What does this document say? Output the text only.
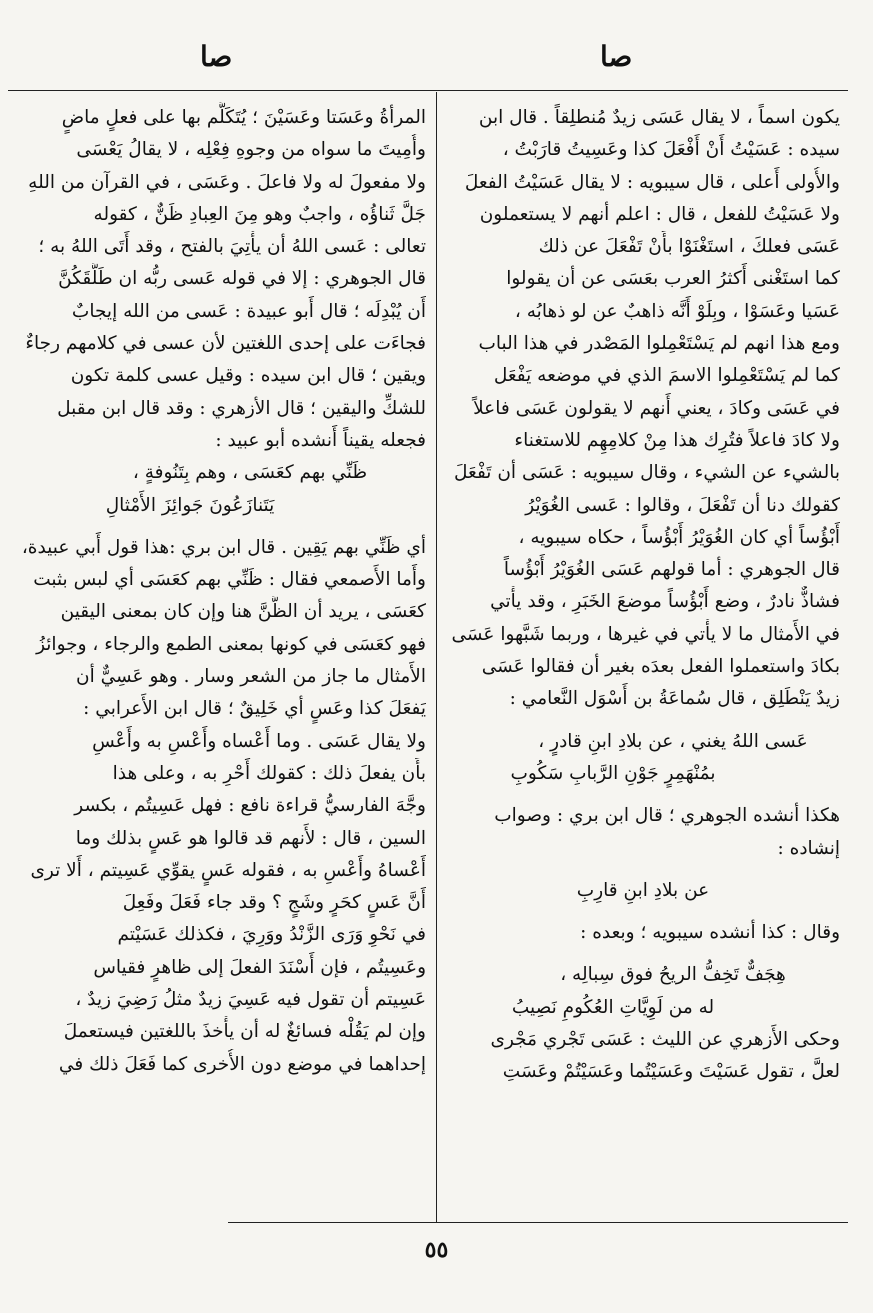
صا
صا
يكون اسماً ، لا يقال عَسَى زيدٌ مُنطلِقاً . قال ابن
سيده : عَسَيْتُ أَنْ أَفْعَلَ كذا وعَسِيتُ قارَبْتُ ،
والأُولى أَعلى ، قال سيبويه : لا يقال عَسَيْتُ الفعلَ
ولا عَسَيْتُ للفعل ، قال : اعلم أنهم لا يستعملون
عَسَى فعلكَ ، استَغْنَوْا بأَنْ تَفْعَلَ عن ذلك
كما استَغْنى أَكثرُ العرب بعَسَى عن أن يقولوا
عَسَيا وعَسَوْا ، وبِلَوْ أَنَّه ذاهبٌ عن لو ذهابُه ،
ومع هذا انهم لم يَسْتَعْمِلوا المَصْدر في هذا الباب
كما لم يَسْتَعْمِلوا الاسمَ الذي في موضعه يَفْعَل
في عَسَى وكادَ ، يعني أَنهم لا يقولون عَسَى فاعلاً
ولا كادَ فاعلاً فتُرِك هذا مِنْ كلامِهِم للاستغناء
بالشيء عن الشيء ، وقال سيبويه : عَسَى أن تَفْعَلَ
كقولك دنا أن تَفْعَلَ ، وقالوا : عَسى الغُوَيْرُ
أَبْؤُساً أي كان الغُوَيْرُ أَبْؤُساً ، حكاه سيبويه ،
قال الجوهري : أما قولهم عَسَى الغُوَيْرُ أَبْؤُساً
فشاذٌّ نادرٌ ، وضع أَبْؤُساً موضعَ الخَبَرِ ، وقد يأْتي
في الأَمثال ما لا يأْتي في غيرها ، وربما شَبَّهوا عَسَى
بكادَ واستعملوا الفعل بعدَه بغير أن فقالوا عَسَى
زيدٌ يَنْطَلِق ، قال سُماعَةُ بن أَسْوَل النَّعامي :
عَسى اللهُ يغني ، عن بلادِ ابنِ قادرٍ ،
بمُنْهَمِرٍ جَوْنِ الرَّبابِ سَكُوبِ
هكذا أنشده الجوهري ؛ قال ابن بري : وصواب
إنشاده :
عن بلادِ ابنِ قارِبِ
وقال : كذا أنشده سيبويه ؛ وبعده :
هِجَفٌّ تَخِفُّ الريحُ فوق سِبالِه ،
له من لَوِيَّاتِ العُكُومِ نَصِيبُ
وحكى الأَزهري عن الليث : عَسَى تَجْري مَجْرى
لعلَّ ، تقول عَسَيْتَ وعَسَيْتُما وعَسَيْتُمْ وعَسَتِ
المرأةُ وعَسَتا وعَسَيْنَ ؛ يُتَكَلَّم بها على فعلٍ ماضٍ
وأُمِيتَ ما سواه من وجوهِ فِعْلِه ، لا يقالُ يَعْسَى
ولا مفعولَ له ولا فاعلَ . وعَسَى ، في القرآن من اللهِ
جَلَّ ثَناؤُه ، واجبٌ وهو مِنَ العِبادِ ظَنٌّ ، كقوله
تعالى : عَسى اللهُ أن يأْتِيَ بالفتح ، وقد أَتَى اللهُ به ؛
قال الجوهري : إلا في قوله عَسى ربُّه ان طَلَّقَكُنَّ
أَن يُبْدِلَه ؛ قال أَبو عبيدة : عَسى من الله إيجابٌ
فجاءَت على إحدى اللغتين لأن عسى في كلامهم رجاءٌ
ويقين ؛ قال ابن سيده : وقيل عسى كلمة تكون
للشكِّ واليقين ؛ قال الأزهري : وقد قال ابن مقبل
فجعله يقيناً أَنشده أبو عبيد :
ظَنِّي بهم كعَسَى ، وهم بِتَنُوفةٍ ،
يَتَنازَعُونَ جَوائِزَ الأَمْثالِ
أي ظَنِّي بهم يَقِين . قال ابن بري :هذا قول أَبي عبيدة،
وأَما الأَصمعي فقال : ظَنِّي بهم كعَسَى أي لبس بثبت
كعَسَى ، يريد أن الظَّنَّ هنا وإن كان بمعنى اليقين
فهو كعَسَى في كونها بمعنى الطمع والرجاء ، وجوائزُ
الأَمثال ما جاز من الشعر وسار . وهو عَسِيٌّ أن
يَفعَلَ كذا وعَسٍ أي خَلِيقٌ ؛ قال ابن الأَعرابي :
ولا يقال عَسَى . وما أَعْساه وأَعْسِ به وأَعْسِ
بأَن يفعلَ ذلك : كقولك أَحْرِ به ، وعلى هذا
وجَّهَ الفارسيُّ قراءة نافع : فهل عَسِيتُم ، بكسر
السين ، قال : لأَنهم قد قالوا هو عَسٍ بذلك وما
أَعْساهُ وأَعْسِ به ، فقوله عَسٍ يقوِّي عَسِيتم ، أَلا ترى
أَنَّ عَسٍ كحَرٍ وشَجٍ ؟ وقد جاء فَعَلَ وفَعِلَ
في نَحْوِ وَرَى الزَّنْدُ ووَرِيَ ، فكذلك عَسَيْتم
وعَسِيتُم ، فإن أَسْنَدَ الفعلَ إلى ظاهرٍ فقياس
عَسِيتم أن تقول فيه عَسِيَ زيدٌ مثلُ رَضِيَ زيدٌ ،
وإن لم يَقُلْه فسائغٌ له أن يأْخذَ باللغتين فيستعملَ
إحداهما في موضع دون الأُخرى كما فَعَلَ ذلك في
٥٥
